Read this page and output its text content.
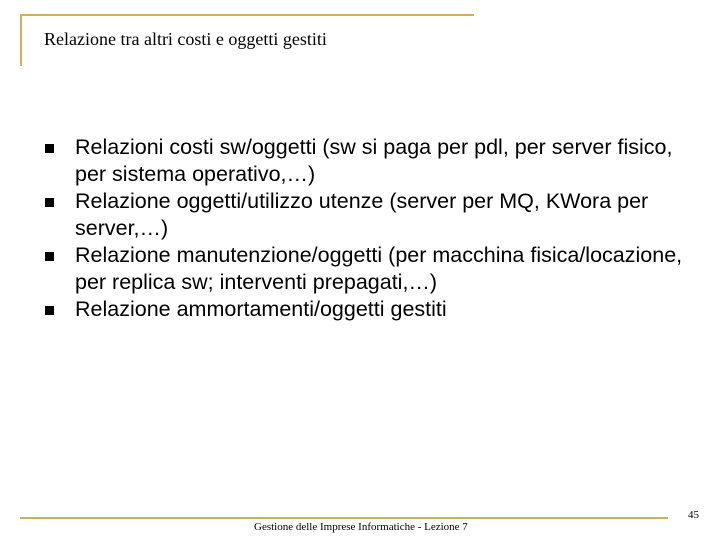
Relazione tra altri costi e oggetti gestiti
Relazioni costi sw/oggetti (sw si paga per pdl, per server fisico, per sistema operativo,…)
Relazione oggetti/utilizzo utenze (server per MQ, KWora per server,…)
Relazione manutenzione/oggetti (per macchina fisica/locazione, per replica sw; interventi prepagati,…)
Relazione ammortamenti/oggetti gestiti
Gestione delle Imprese Informatiche - Lezione 7
45
